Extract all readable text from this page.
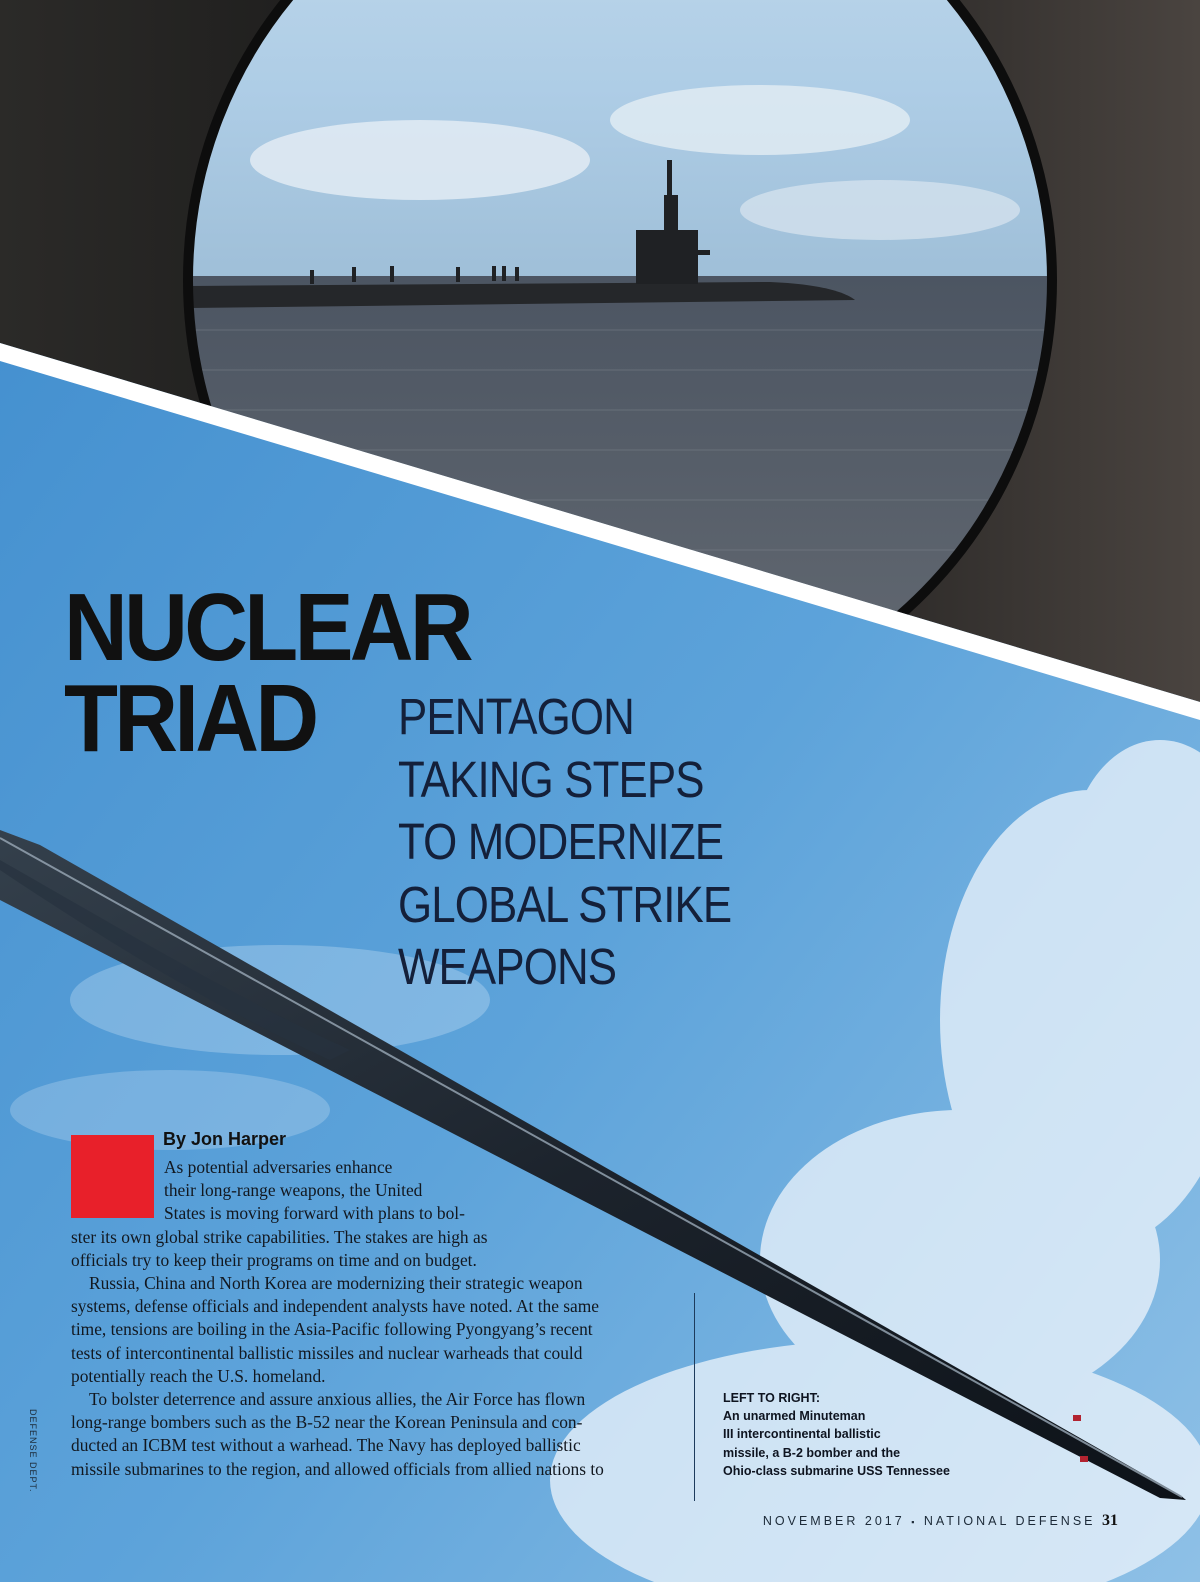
NUCLEAR
TRIAD	PENTAGON
TAKING STEPS
TO MODERNIZE
GLOBAL STRIKE
WEAPONS
By Jon Harper
As potential adversaries enhance
their long-range weapons, the United
States is moving forward with plans to bol-
ster its own global strike capabilities. The stakes are high as
officials try to keep their programs on time and on budget.
Russia, China and North Korea are modernizing their strategic weapon
systems, defense officials and independent analysts have noted. At the same
time, tensions are boiling in the Asia-Pacific following Pyongyang’s recent
tests of intercontinental ballistic missiles and nuclear warheads that could
potentially reach the U.S. homeland.
To bolster deterrence and assure anxious allies, the Air Force has flown
long-range bombers such as the B-52 near the Korean Peninsula and con-
ducted an ICBM test without a warhead. The Navy has deployed ballistic
missile submarines to the region, and allowed officials from allied nations to
LEFT TO RIGHT:
An unarmed Minuteman
III intercontinental ballistic
missile, a B-2 bomber and the
Ohio-class submarine USS Tennessee
DEFENSE DEPT.
NOVEMBER 2017 ▪ NATIONAL DEFENSE 31
